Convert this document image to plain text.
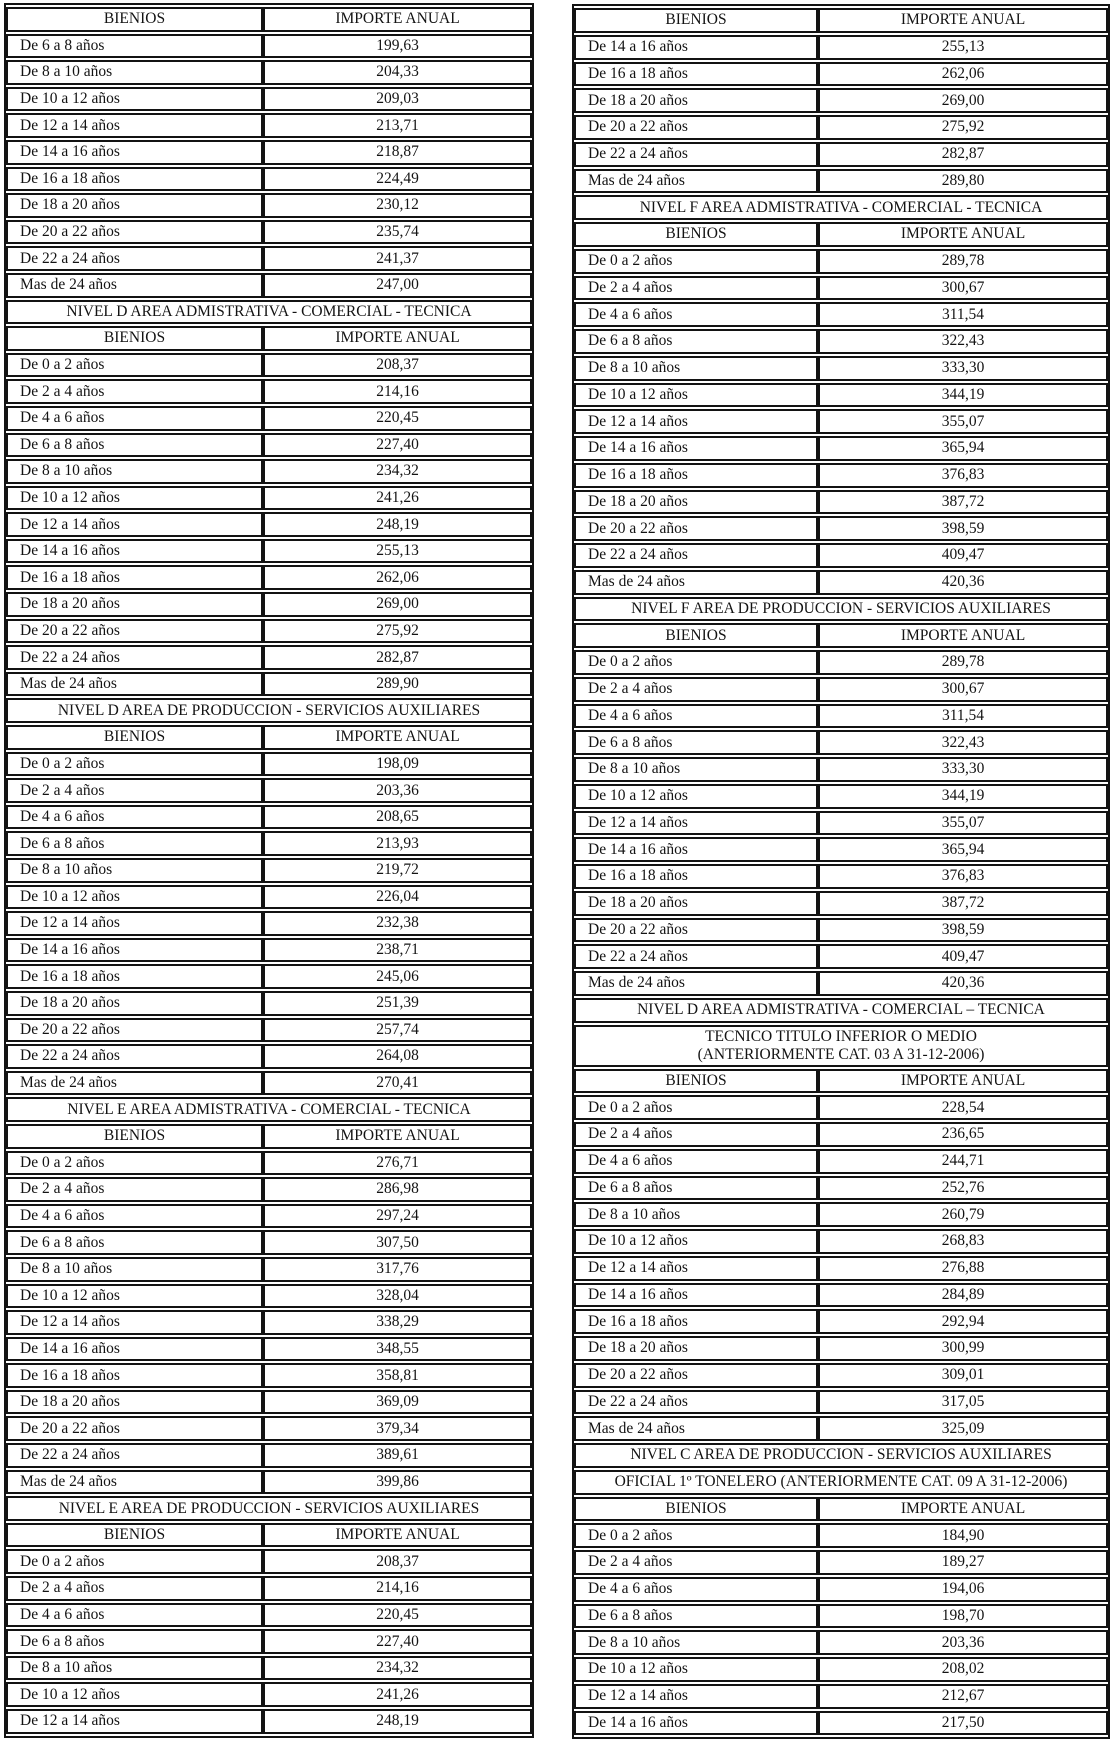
BIENIOS	IMPORTE ANUAL
De 6 a 8 años	199,63
De 8 a 10 años	204,33
De 10 a 12 años	209,03
De 12 a 14 años	213,71
De 14 a 16 años	218,87
De 16 a 18 años	224,49
De 18 a 20 años	230,12
De 20 a 22 años	235,74
De 22 a 24 años	241,37
Mas de 24 años	247,00
NIVEL D AREA ADMISTRATIVA - COMERCIAL - TECNICA	
BIENIOS	IMPORTE ANUAL
De 0 a 2 años	208,37
De 2 a 4 años	214,16
De 4 a 6 años	220,45
De 6 a 8 años	227,40
De 8 a 10 años	234,32
De 10 a 12 años	241,26
De 12 a 14 años	248,19
De 14 a 16 años	255,13
De 16 a 18 años	262,06
De 18 a 20 años	269,00
De 20 a 22 años	275,92
De 22 a 24 años	282,87
Mas de 24 años	289,90
NIVEL D AREA DE PRODUCCION - SERVICIOS AUXILIARES	
BIENIOS	IMPORTE ANUAL
De 0 a 2 años	198,09
De 2 a 4 años	203,36
De 4 a 6 años	208,65
De 6 a 8 años	213,93
De 8 a 10 años	219,72
De 10 a 12 años	226,04
De 12 a 14 años	232,38
De 14 a 16 años	238,71
De 16 a 18 años	245,06
De 18 a 20 años	251,39
De 20 a 22 años	257,74
De 22 a 24 años	264,08
Mas de 24 años	270,41
NIVEL E AREA ADMISTRATIVA - COMERCIAL - TECNICA	
BIENIOS	IMPORTE ANUAL
De 0 a 2 años	276,71
De 2 a 4 años	286,98
De 4 a 6 años	297,24
De 6 a 8 años	307,50
De 8 a 10 años	317,76
De 10 a 12 años	328,04
De 12 a 14 años	338,29
De 14 a 16 años	348,55
De 16 a 18 años	358,81
De 18 a 20 años	369,09
De 20 a 22 años	379,34
De 22 a 24 años	389,61
Mas de 24 años	399,86
NIVEL E AREA DE PRODUCCION - SERVICIOS AUXILIARES	
BIENIOS	IMPORTE ANUAL
De 0 a 2 años	208,37
De 2 a 4 años	214,16
De 4 a 6 años	220,45
De 6 a 8 años	227,40
De 8 a 10 años	234,32
De 10 a 12 años	241,26
De 12 a 14 años	248,19
BIENIOS	IMPORTE ANUAL
De 14 a 16 años	255,13
De 16 a 18 años	262,06
De 18 a 20 años	269,00
De 20 a 22 años	275,92
De 22 a 24 años	282,87
Mas de 24 años	289,80
NIVEL F AREA ADMISTRATIVA - COMERCIAL - TECNICA	
BIENIOS	IMPORTE ANUAL
De 0 a 2 años	289,78
De 2 a 4 años	300,67
De 4 a 6 años	311,54
De 6 a 8 años	322,43
De 8 a 10 años	333,30
De 10 a 12 años	344,19
De 12 a 14 años	355,07
De 14 a 16 años	365,94
De 16 a 18 años	376,83
De 18 a 20 años	387,72
De 20 a 22 años	398,59
De 22 a 24 años	409,47
Mas de 24 años	420,36
NIVEL F AREA DE PRODUCCION - SERVICIOS AUXILIARES	
BIENIOS	IMPORTE ANUAL
De 0 a 2 años	289,78
De 2 a 4 años	300,67
De 4 a 6 años	311,54
De 6 a 8 años	322,43
De 8 a 10 años	333,30
De 10 a 12 años	344,19
De 12 a 14 años	355,07
De 14 a 16 años	365,94
De 16 a 18 años	376,83
De 18 a 20 años	387,72
De 20 a 22 años	398,59
De 22 a 24 años	409,47
Mas de 24 años	420,36
NIVEL D AREA ADMISTRATIVA - COMERCIAL – TECNICA	
TECNICO TITULO INFERIOR O MEDIO
(ANTERIORMENTE CAT. 03 A 31-12-2006)	
BIENIOS	IMPORTE ANUAL
De 0 a 2 años	228,54
De 2 a 4 años	236,65
De 4 a 6 años	244,71
De 6 a 8 años	252,76
De 8 a 10 años	260,79
De 10 a 12 años	268,83
De 12 a 14 años	276,88
De 14 a 16 años	284,89
De 16 a 18 años	292,94
De 18 a 20 años	300,99
De 20 a 22 años	309,01
De 22 a 24 años	317,05
Mas de 24 años	325,09
NIVEL C AREA DE PRODUCCION - SERVICIOS AUXILIARES	
OFICIAL 1º TONELERO (ANTERIORMENTE CAT. 09 A 31-12-2006)	
BIENIOS	IMPORTE ANUAL
De 0 a 2 años	184,90
De 2 a 4 años	189,27
De 4 a 6 años	194,06
De 6 a 8 años	198,70
De 8 a 10 años	203,36
De 10 a 12 años	208,02
De 12 a 14 años	212,67
De 14 a 16 años	217,50
